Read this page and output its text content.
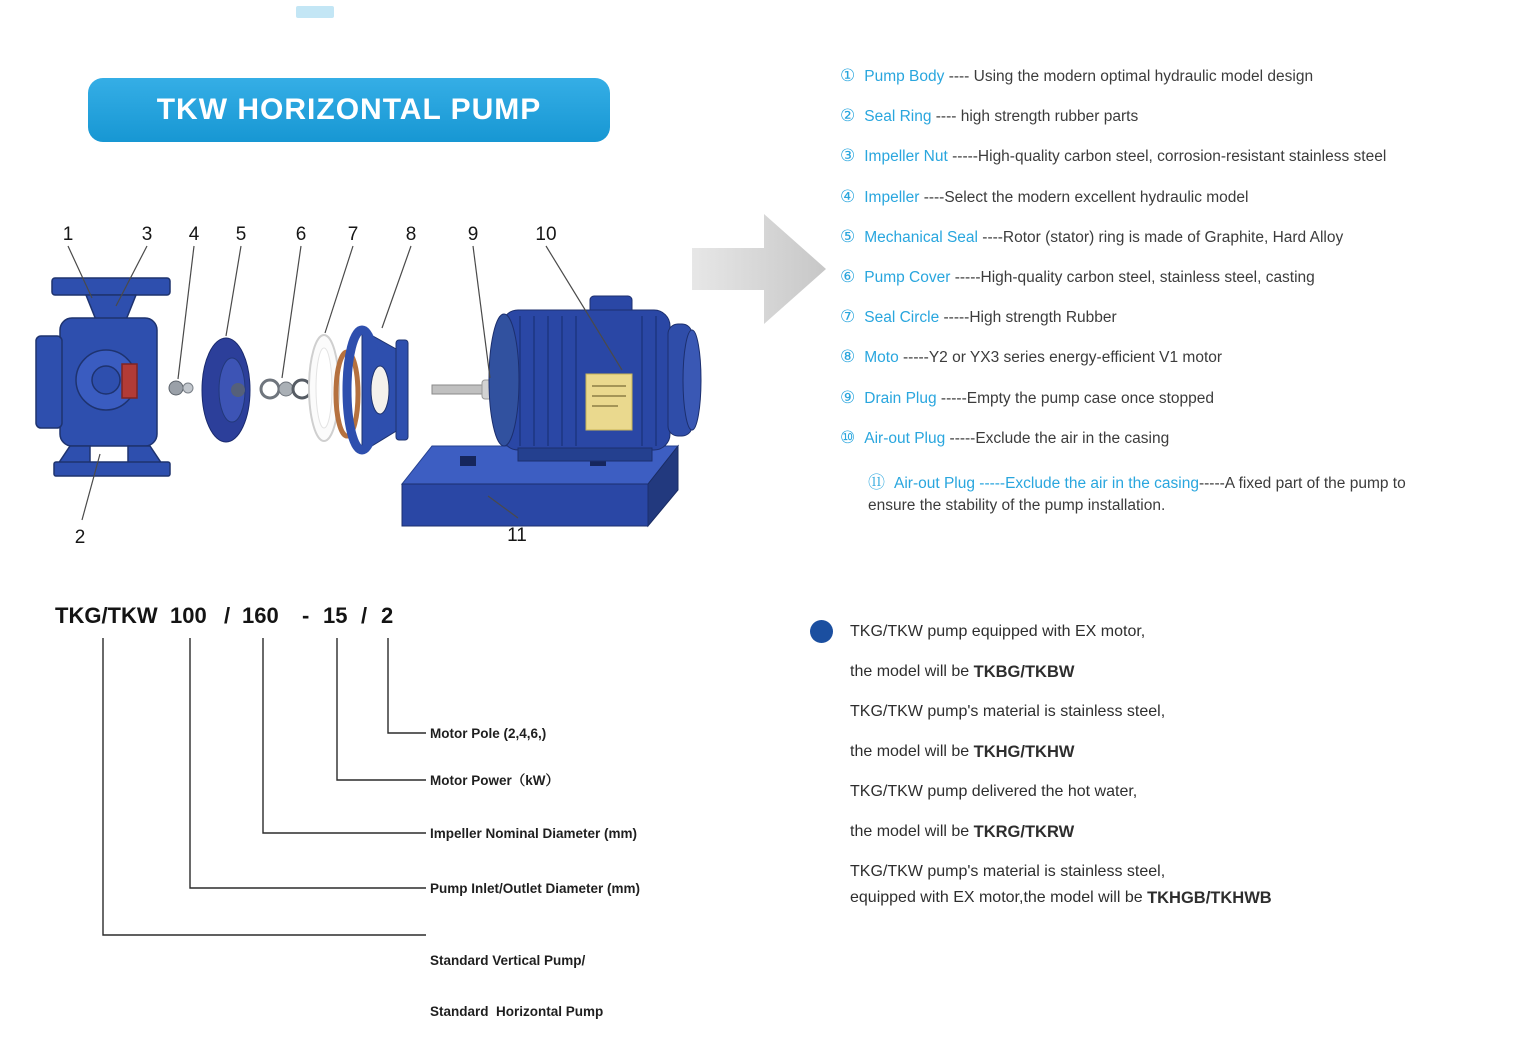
TKW HORIZONTAL PUMP
1	3 4 5	6 7 8	9	10
2	11
① Pump Body ---- Using the modern optimal hydraulic model design
② Seal Ring ---- high strength rubber parts
③ Impeller Nut -----High-quality carbon steel, corrosion-resistant stainless steel
④ Impeller ----Select the modern excellent hydraulic model
⑤ Mechanical Seal ----Rotor (stator) ring is made of Graphite, Hard Alloy
⑥ Pump Cover -----High-quality carbon steel, stainless steel, casting
⑦ Seal Circle -----High strength Rubber
⑧ Moto -----Y2 or YX3 series energy-efficient V1 motor
⑨ Drain Plug -----Empty the pump case once stopped
⑩ Air-out Plug -----Exclude the air in the casing
⑪ Air-out Plug -----Exclude the air in the casing -----A fixed part of the pump to
ensure the stability of the pump installation.
TKG/TKW 100 / 160 - 15 / 2
Motor Pole (2,4,6,)
Motor Power（kW）
Impeller Nominal Diameter (mm)
Pump Inlet/Outlet Diameter (mm)

Standard Vertical Pump/

Standard  Horizontal Pump

TKG/TKW pump equipped with EX motor,
the model will be TKBG/TKBW
TKG/TKW pump's material is stainless steel,
the model will be TKHG/TKHW
TKG/TKW pump delivered the hot water,
the model will be TKRG/TKRW
TKG/TKW pump's material is stainless steel,
equipped with EX motor,the model will be TKHGB/TKHWB
